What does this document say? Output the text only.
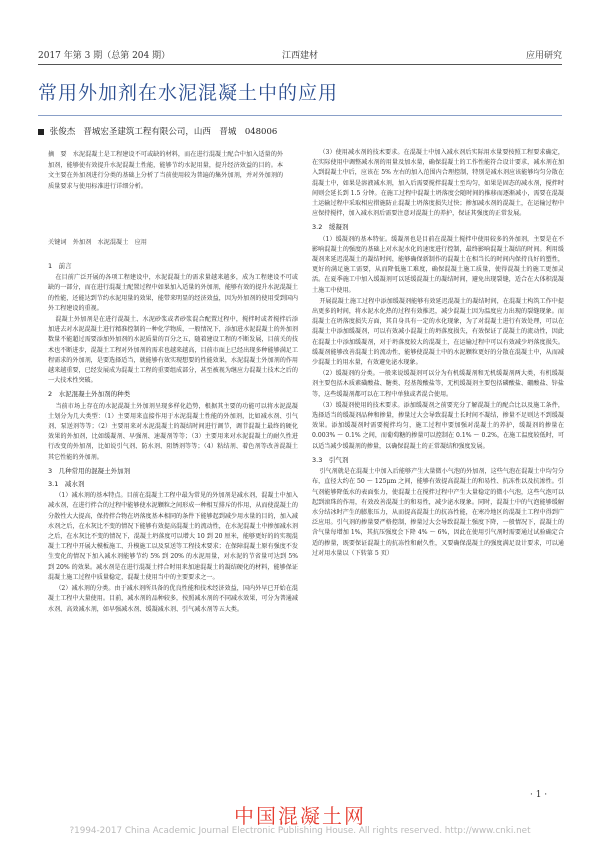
2017 年第 3 期（总第 204 期）	江西建材	应用研究
常用外加剂在水泥混凝土中的应用
张俊杰 晋城宏圣建筑工程有限公司，山西　晋城　048006
摘　要　水泥混凝土是工程建设不可或缺的材料，而在进行混凝土配合中加入适量的外加剂，能够使有效提升水泥混凝土性能，能够节约水泥用量，提升经济效益的目的。本文主要在外加剂进行分类的基础上分析了当前使用较为普遍的集外加剂，并对外加剂的质量要求与使用标准进行详细分析。
关键词　外加剂　水泥混凝土　应用
1　前言

在目前广泛开展的各项工程建设中，水泥混凝土的需求量越来越多，成为工程建设不可或缺的一部分，而在进行混凝土配置过程中如果加入适量的外加剂，能够有效的提升水泥混凝土的性能，还能达到节约水泥用量的效果，能带来明显的经济效益，因为外加剂的使用受到国内外工程建设的重视。

混凝土外加剂是在进行混凝土、水泥砂浆或者砂浆混合配置过程中，搅拌时或者搅拌后添加进去对水泥混凝土进行精准控制的一种化学物质，一般情况下，添加进水泥混凝土的外加剂数量不能超过需要添加外加剂的水泥质量的百分之五，随着建设工程的不断发展，目前关的技术也不断进步，混凝土工程对外加剂的需求也越来越高，目前市面上已经出现多种能够满足工程需求的外加剂，是要选择适当，就能够有效实现想要的性能效果，水泥混凝土外加剂的作用越来越重要，已经发展成为混凝土工程的重要组成部分，甚至被视为继应力混凝土技术之后的一大技术性突破。

2　水泥混凝土外加剂的种类

当前市场上存在的水泥混凝土外加剂呈现多样化趋势，根据其主要的功能可以将水泥混凝土划分为几大类型：（1）主要用来直接作用于水泥混凝土性能的外加剂，比如减水剂、引气剂、泵送剂等等；（2）主要用来对水泥混凝土的凝结时间进行调节，调节混凝土最终的硬化效果的外加剂，比如缓凝剂、早强剂、速凝剂等等；（3）主要用来对水泥混凝土的耐久性进行改变的外加剂，比如说引气剂、防水剂、阻锈剂等等；（4）粘结剂、着色剂等改善混凝土其它性能的外加剂。

3　几种常用的混凝土外加剂
3.1　减水剂

（1）减水剂的基本特点。目前在混凝土工程中最为常见的外加剂是减水剂，混凝土中加入减水剂，在进行拌合的过程中能够使水泥颗粒之间形成一种相互排斥的作用，从而使混凝土的分散性大大提高，保持拌合物在坍落度基本相同的条件下能够起到减少用水量的目的，加入减水剂之后，在水灰比不变的情况下能够有效提高混凝土的流动性，在水泥混凝土中掺加减水剂之后，在水灰比不变的情况下，混凝土坍落度可以增大 10 到 20 厘米，能够更好的的实现混凝土工程中开展大模板施工、升模施工以及泵送等工程技术要求；在保障混凝土原有强度不发生变化的情况下加入减水剂能够节约 5% 到 20% 的水泥用量，对水泥的节省量可达到 5% 到 20% 的效果。减水剂是在进行混凝土拌合时用来加速混凝土的凝结硬化的材料，能够保证混凝土施工过程中质量稳定，混凝土使用当中的主要要求之一。

（2）减水剂的分类。由于减水剂所具备的优良性能和技术经济效益，国内外早已开始在混凝土工程中大量使用。目前，减水剂的品种较多，按照减水剂的不同减水效果，可分为普通减水剂、高效减水剂，如早强减水剂、缓凝减水剂、引气减水剂等五大类。

（3）使用减水剂的技术要求。在混凝土中加入减水剂后实际用水量要按照工程要求确定，在实际使用中调整减水剂的用量及加水量，确保混凝土的工作性能符合设计要求，减水剂在加入到混凝土中后，应该在 5% 左右的加入范围内合理控制，特别是减水剂应该能够均匀分散在混凝土中，如果是溶液减水剂，加入后需要搅拌混凝土至均匀，如果是固态的减水剂，搅拌时间则会延长到 1.5 分钟。在施工过程中混凝土坍落度会随时间的推移而逐渐减小，需要在混凝土运输过程中采取相应措施防止混凝土坍落度损失过快；掺加减水剂的混凝土，在运输过程中应保持搅拌，加入减水剂后需要注意对混凝土的养护，保证其强度的正常发展。

3.2　缓凝剂

（1）缓凝剂的基本特征。缓凝剂也是目前在混凝土搅拌中使用较多的外加剂，主要是在不影响混凝土的强度的基础上对水泥水化的速度进行控制，最终影响混凝土凝结的时间。利用缓凝剂来延迟混凝土的凝结时间，能够确保新制作的混凝土在相当长的时间内保持良好的塑性，更好的满足施工需要，从而降低施工难度，确保混凝土施工质量，使得混凝土的施工更加灵活。在夏季施工中加入缓凝剂可以延缓混凝土的凝结时间，避免出现裂缝，适合在大体积混凝土施工中使用。

开展混凝土施工过程中添加缓凝剂能够有效延迟混凝土的凝结时间，在混凝土构筑工作中提出更多的时间，将水泥水化热的过程有效推迟，减少混凝土因为温度应力出现的裂缝现象。而混凝土在坍落度损失方面，其自身具有一定的水化现象，为了对混凝土进行有效处理，可以在混凝土中添加缓凝剂，可以有效减小混凝土的坍落度损失，有效保证了混凝土的流动性，因此在混凝土中添加缓凝剂，对于坍落度较大的混凝土，在运输过程中可以有效减少坍落度损失。缓凝剂能够改善混凝土的流动性，能够使混凝土中的水泥颗粒更好的分散在混凝土中，从而减少混凝土的用水量，有效避免泌水现象。

（2）缓凝剂的分类。一般来说缓凝剂可以分为有机缓凝剂和无机缓凝剂两大类，有机缓凝剂主要包括木质素磺酸盐、糖类、羟基羧酸盐等，无机缓凝剂主要包括磷酸盐、硼酸盐、锌盐等，这些缓凝剂都可以在工程中单独或者混合使用。

（3）缓凝剂使用的技术要求。添加缓凝剂之前要充分了解混凝土的配合比以及施工条件，选择适当的缓凝剂品种和掺量，掺量过大会导致混凝土长时间不凝结，掺量不足则达不到缓凝效果。添加缓凝剂时需要搅拌均匀，施工过程中要加强对混凝土的养护，缓凝剂的掺量在 0.003% ～ 0.1% 之间，而葡萄糖的掺量可以控制在 0.1% ～ 0.2%，在施工温度较低时，可以适当减少缓凝剂的掺量，以确保混凝土的正常凝结和强度发展。

3.3　引气剂

引气剂就是在混凝土中加入后能够产生大量微小气泡的外加剂，这些气泡在混凝土中均匀分布，直径大约在 50 ～ 125μm 之间，能够有效提高混凝土的和易性、抗冻性以及抗渗性。引气剂能够降低水的表面张力，使混凝土在搅拌过程中产生大量稳定的微小气泡，这些气泡可以起到滚珠的作用，有效改善混凝土的和易性，减少泌水现象。同时，混凝土中的气泡能够缓解水分结冰时产生的膨胀压力，从而提高混凝土的抗冻性能，在寒冷地区的混凝土工程中得到广泛应用。引气剂的掺量要严格控制，掺量过大会导致混凝土强度下降，一般情况下，混凝土的含气量每增加 1%，其抗压强度会下降 4% ～ 6%，因此在使用引气剂时需要通过试验确定合适的掺量，既要保证混凝土的抗冻性和耐久性，又要确保混凝土的强度满足设计要求，可以通过对用水量以（下转第 5 页）

· 1 ·
中国混凝土网
?1994-2017 China Academic Journal Electronic Publishing House. All rights reserved. http://www.cnki.net
